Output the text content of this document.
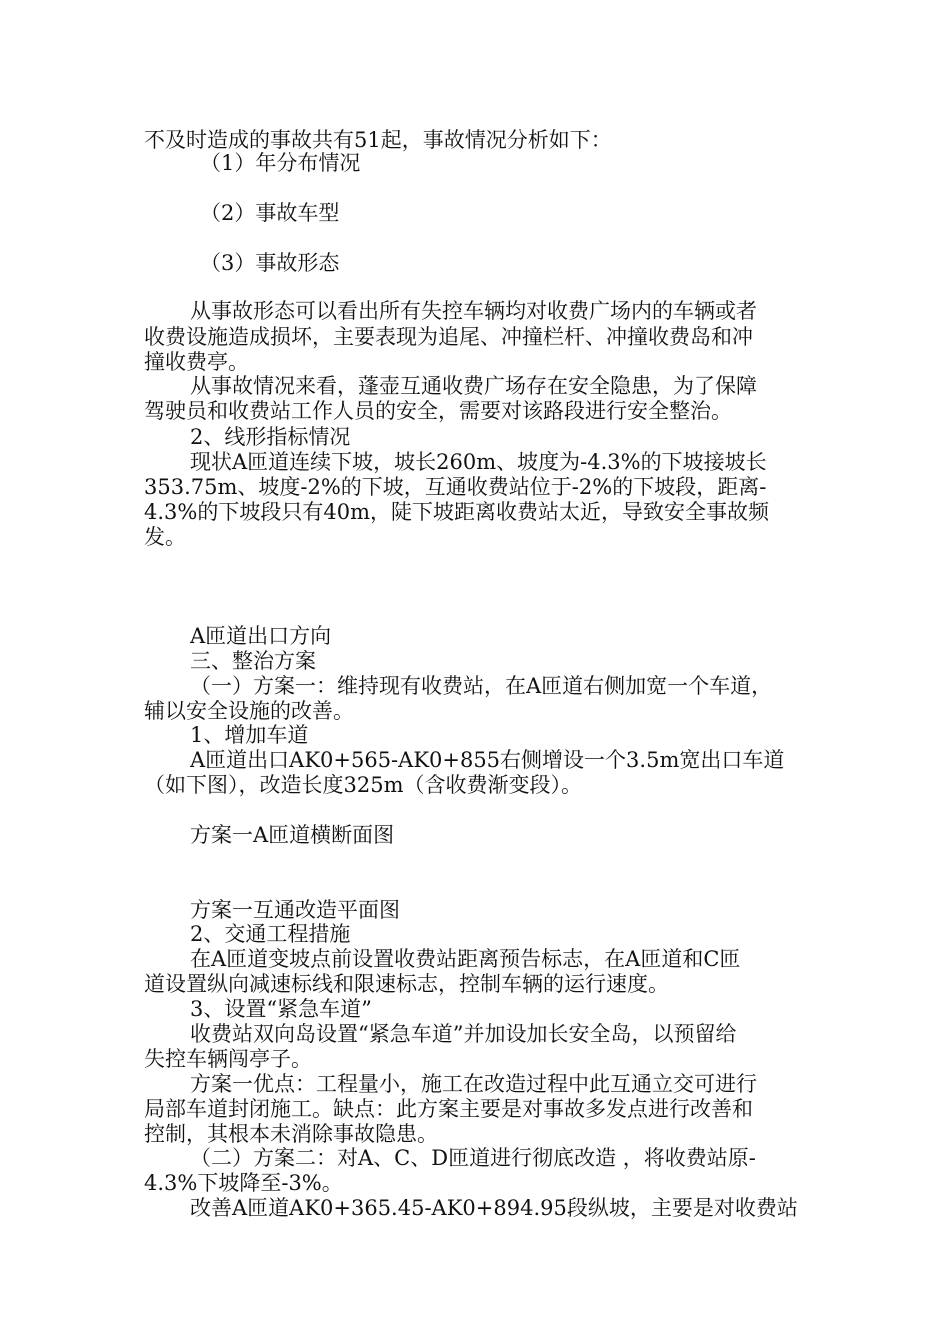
不及时造成的事故共有51起，事故情况分析如下：
（1）年分布情况
（2）事故车型
（3）事故形态
从事故形态可以看出所有失控车辆均对收费广场内的车辆或者
收费设施造成损坏，主要表现为追尾、冲撞栏杆、冲撞收费岛和冲
撞收费亭。
从事故情况来看，蓬壶互通收费广场存在安全隐患，为了保障
驾驶员和收费站工作人员的安全，需要对该路段进行安全整治。
2、线形指标情况
现状A匝道连续下坡，坡长260m、坡度为-4.3%的下坡接坡长
353.75m、坡度-2%的下坡，互通收费站位于-2%的下坡段，距离-
4.3%的下坡段只有40m，陡下坡距离收费站太近，导致安全事故频
发。
A匝道出口方向
三、整治方案
（一）方案一：维持现有收费站，在A匝道右侧加宽一个车道，
辅以安全设施的改善。
1、增加车道
A匝道出口AK0+565-AK0+855右侧增设一个3.5m宽出口车道
（如下图），改造长度325m（含收费渐变段）。
方案一A匝道横断面图
方案一互通改造平面图
2、交通工程措施
在A匝道变坡点前设置收费站距离预告标志，在A匝道和C匝
道设置纵向减速标线和限速标志，控制车辆的运行速度。
3、设置“紧急车道”
收费站双向岛设置“紧急车道”并加设加长安全岛，以预留给
失控车辆闯亭子。
方案一优点：工程量小，施工在改造过程中此互通立交可进行
局部车道封闭施工。缺点：此方案主要是对事故多发点进行改善和
控制，其根本未消除事故隐患。
（二）方案二：对A、C、D匝道进行彻底改造 ，将收费站原-
4.3%下坡降至-3%。
改善A匝道AK0+365.45-AK0+894.95段纵坡，主要是对收费站
